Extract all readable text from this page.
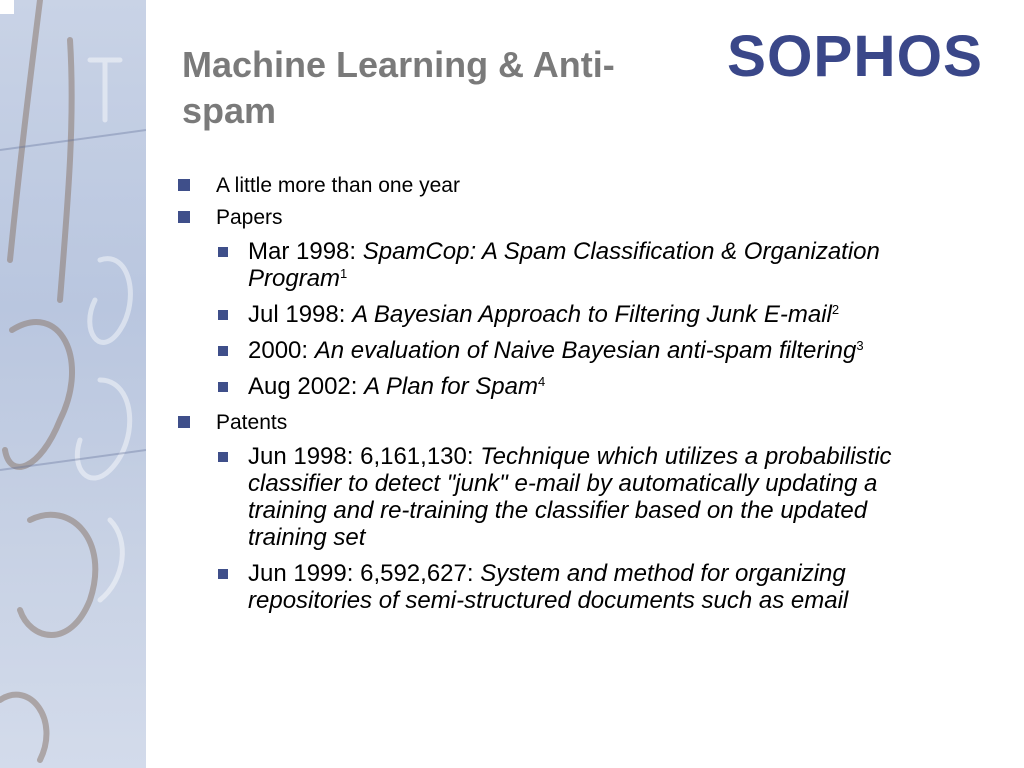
Machine Learning & Anti-spam
SOPHOS
A little more than one year
Papers
Mar 1998: SpamCop: A Spam Classification & Organization Program$^1$
Jul 1998: A Bayesian Approach to Filtering Junk E-mail$^2$
2000: An evaluation of Naive Bayesian anti-spam filtering$^3$
Aug 2002: A Plan for Spam$^4$
Patents
Jun 1998: 6,161,130: Technique which utilizes a probabilistic classifier to detect "junk" e-mail by automatically updating a training and re-training the classifier based on the updated training set
Jun 1999: 6,592,627: System and method for organizing repositories of semi-structured documents such as email
